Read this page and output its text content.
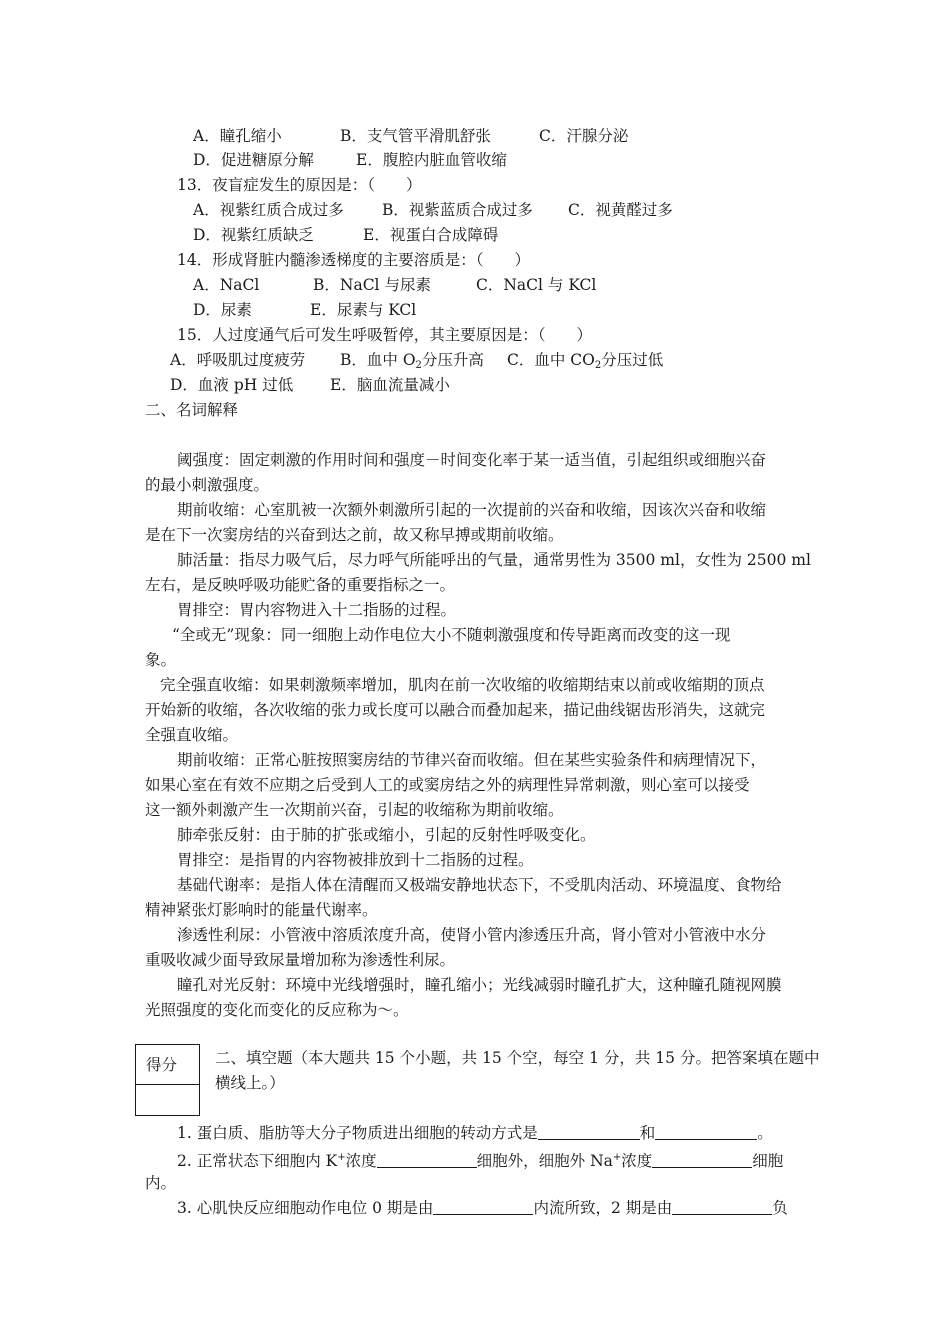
A．瞳孔缩小	B．支气管平滑肌舒张	C．汗腺分泌
D．促进糖原分解	E．腹腔内脏血管收缩
13．夜盲症发生的原因是：（　　）
A．视紫红质合成过多 B．视紫蓝质合成过多 C．视黄醛过多
D．视紫红质缺乏	E．视蛋白合成障碍
14．形成肾脏内髓渗透梯度的主要溶质是：（　　）
A．NaCl	B．NaCl 与尿素	C．NaCl 与 KCl
D．尿素	E．尿素与 KCl
15．人过度通气后可发生呼吸暂停，其主要原因是：（　　）
A．呼吸肌过度疲劳 B．血中 $O_2$分压升高 C．血中 $CO_2$分压过低
D．血液 pH 过低 E．脑血流量减小
二、名词解释
阈强度：固定刺激的作用时间和强度－时间变化率于某一适当值，引起组织或细胞兴奋
的最小刺激强度。
期前收缩：心室肌被一次额外刺激所引起的一次提前的兴奋和收缩，因该次兴奋和收缩
是在下一次窦房结的兴奋到达之前，故又称早搏或期前收缩。
肺活量：指尽力吸气后，尽力呼气所能呼出的气量，通常男性为 3500 ml，女性为 2500 ml
左右，是反映呼吸功能贮备的重要指标之一。
胃排空：胃内容物进入十二指肠的过程。
“全或无”现象：同一细胞上动作电位大小不随刺激强度和传导距离而改变的这一现
象。
完全强直收缩：如果刺激频率增加，肌肉在前一次收缩的收缩期结束以前或收缩期的顶点
开始新的收缩，各次收缩的张力或长度可以融合而叠加起来，描记曲线锯齿形消失，这就完
全强直收缩。
期前收缩：正常心脏按照窦房结的节律兴奋而收缩。但在某些实验条件和病理情况下，
如果心室在有效不应期之后受到人工的或窦房结之外的病理性异常刺激，则心室可以接受
这一额外刺激产生一次期前兴奋，引起的收缩称为期前收缩。
肺牵张反射：由于肺的扩张或缩小，引起的反射性呼吸变化。
胃排空：是指胃的内容物被排放到十二指肠的过程。
基础代谢率：是指人体在清醒而又极端安静地状态下，不受肌肉活动、环境温度、食物给
精神紧张灯影响时的能量代谢率。
渗透性利尿：小管液中溶质浓度升高，使肾小管内渗透压升高，肾小管对小管液中水分
重吸收减少面导致尿量增加称为渗透性利尿。
瞳孔对光反射：环境中光线增强时，瞳孔缩小；光线减弱时瞳孔扩大，这种瞳孔随视网膜
光照强度的变化而变化的反应称为～。
得分	二、填空题（本大题共 15 个小题，共 15 个空，每空 1 分，共 15 分。把答案填在题中
横线上。）
1. 蛋白质、脂肪等大分子物质进出细胞的转动方式是	和	。
2. 正常状态下细胞内 K+浓度	细胞外，细胞外 Na+浓度	细胞
内。
3. 心肌快反应细胞动作电位 0 期是由	内流所致，2 期是由	负
